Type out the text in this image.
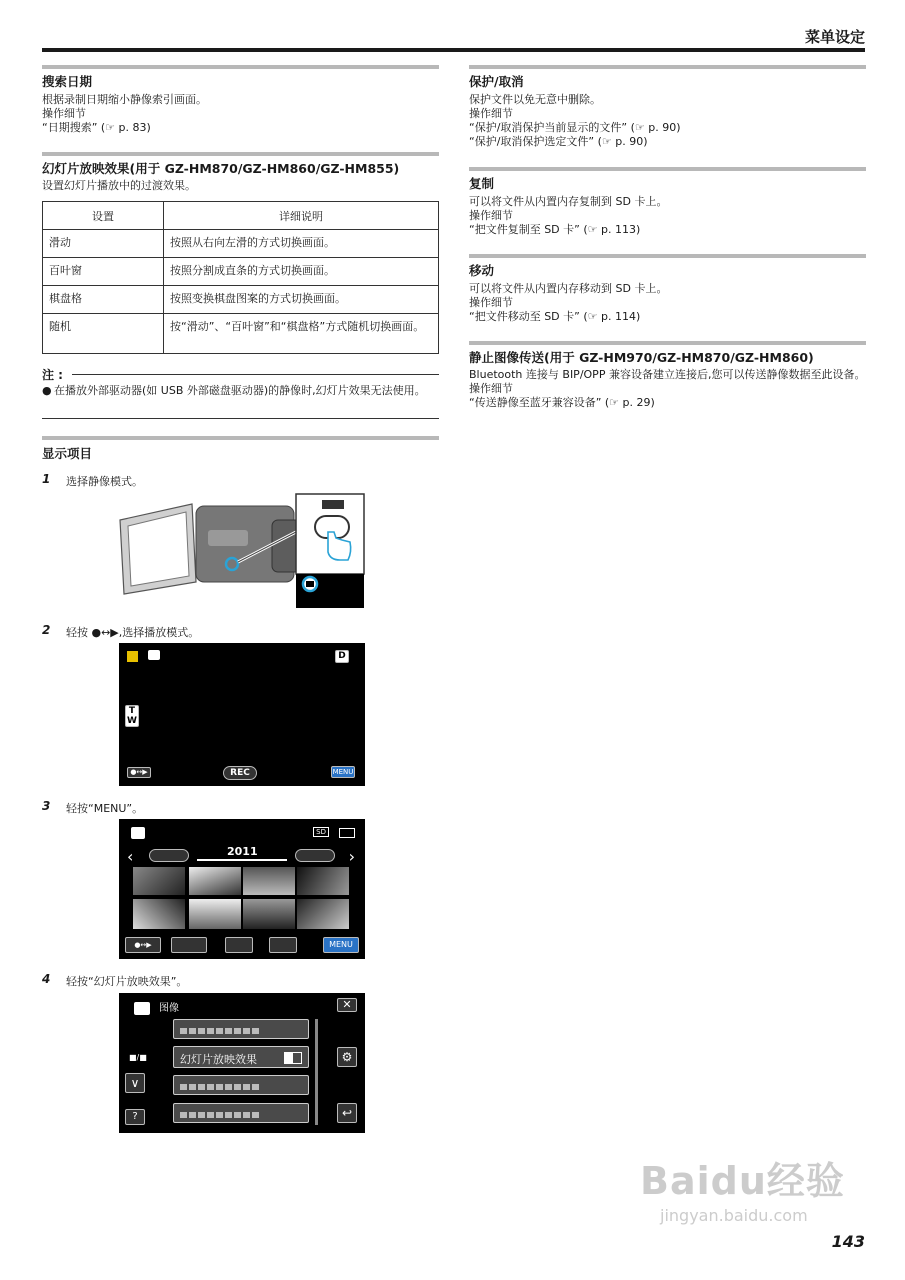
菜单设定
搜索日期
根据录制日期缩小静像索引画面。
操作细节
“日期搜索” (☞ p. 83)
幻灯片放映效果(用于 GZ-HM870/GZ-HM860/GZ-HM855)
设置幻灯片播放中的过渡效果。
设置	详细说明
滑动	按照从右向左滑的方式切换画面。
百叶窗	按照分割成直条的方式切换画面。
棋盘格	按照变换棋盘图案的方式切换画面。
随机	按“滑动”、“百叶窗”和“棋盘格”方式随机切换画面。
注 :
● 在播放外部驱动器(如 USB 外部磁盘驱动器)的静像时,幻灯片效果无法使用。
显示项目
1 选择静像模式。
2 轻按 ●↔▶,选择播放模式。
D
T
W
●↔▶	REC	MENU
3 轻按“MENU”。
SD
‹	›
2011
●↔▶	MENU
4 轻按“幻灯片放映效果”。
图像	✕
幻灯片放映效果
■/■
∨
?
⚙
↩
保护/取消
保护文件以免无意中删除。
操作细节
“保护/取消保护当前显示的文件” (☞ p. 90)
“保护/取消保护选定文件” (☞ p. 90)
复制
可以将文件从内置内存复制到 SD 卡上。
操作细节
“把文件复制至 SD 卡” (☞ p. 113)
移动
可以将文件从内置内存移动到 SD 卡上。
操作细节
“把文件移动至 SD 卡” (☞ p. 114)
静止图像传送(用于 GZ-HM970/GZ-HM870/GZ-HM860)
Bluetooth 连接与 BIP/OPP 兼容设备建立连接后,您可以传送静像数据至此设备。
操作细节
“传送静像至蓝牙兼容设备” (☞ p. 29)
Baidu经验
jingyan.baidu.com
143
